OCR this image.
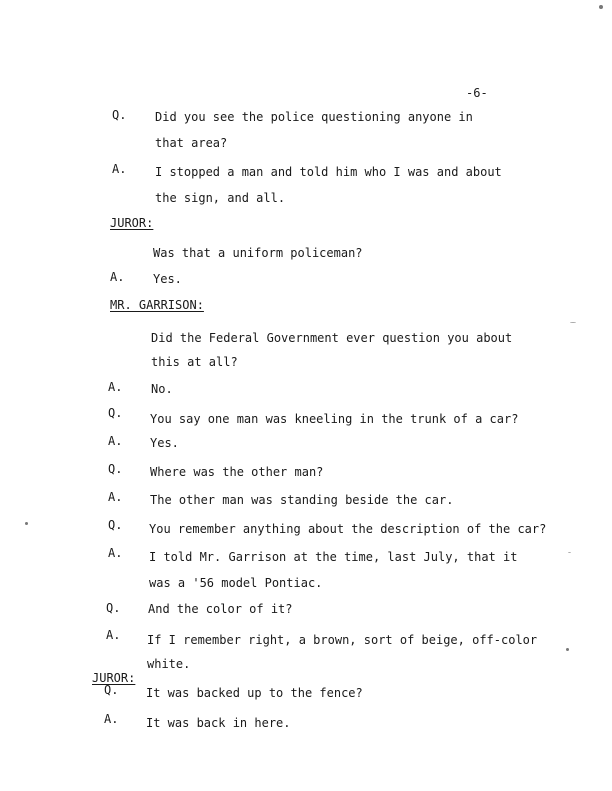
-6-
Q. Did you see the police questioning anyone in
that area?
A. I stopped a man and told him who I was and about
the sign, and all.
JUROR:
Was that a uniform policeman?
A. Yes.
MR. GARRISON:
Did the Federal Government ever question you about
this at all?
A. No.
Q. You say one man was kneeling in the trunk of a car?
A. Yes.
Q. Where was the other man?
A. The other man was standing beside the car.
Q. You remember anything about the description of the car?
A. I told Mr. Garrison at the time, last July, that it
was a '56 model Pontiac.
Q. And the color of it?
A. If I remember right, a brown, sort of beige, off-color
white.
JUROR:
Q. It was backed up to the fence?
A. It was back in here.
